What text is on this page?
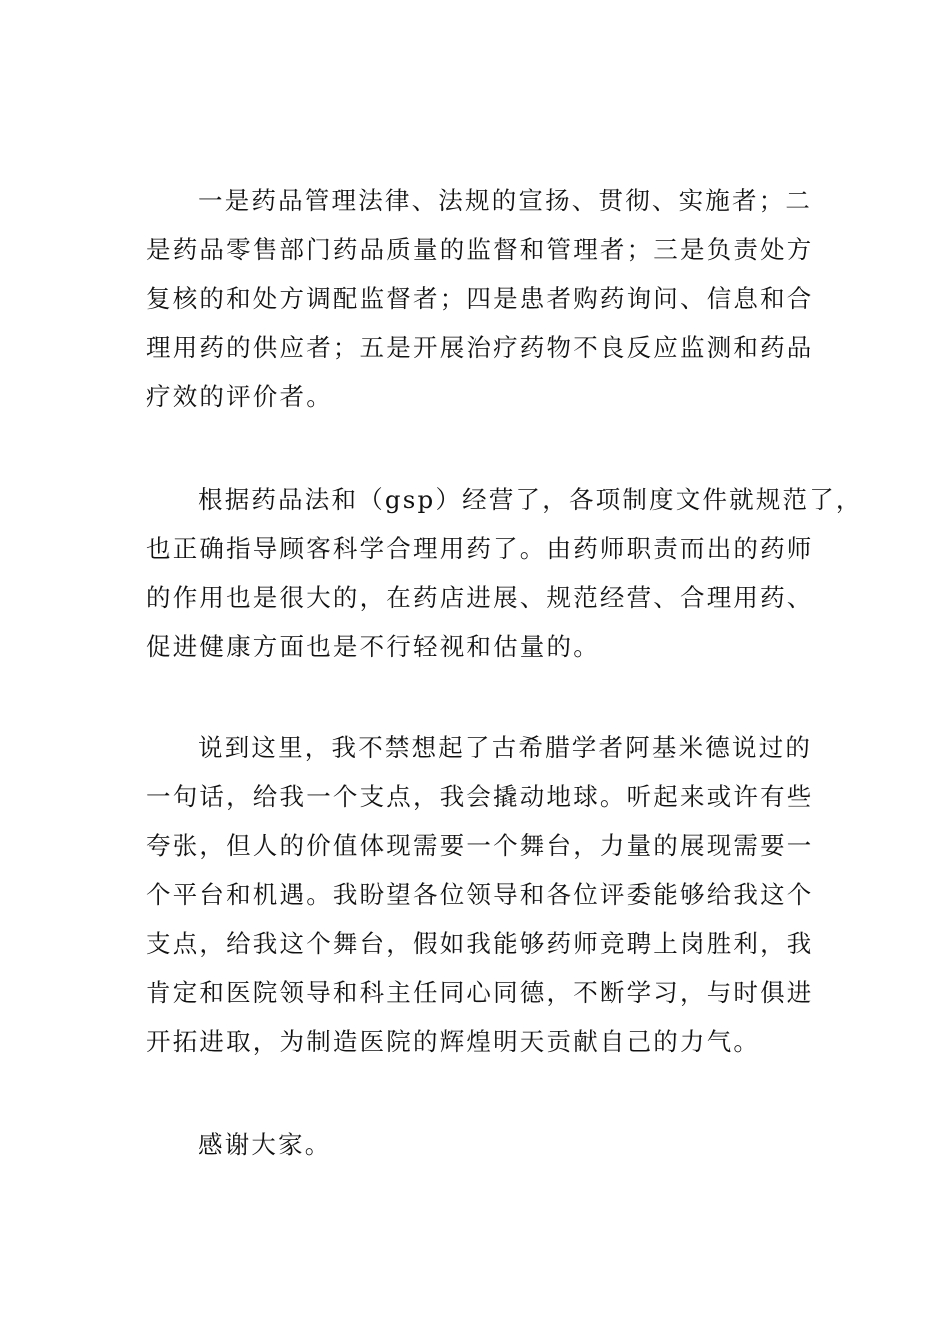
一是药品管理法律、法规的宣扬、贯彻、实施者；二
是药品零售部门药品质量的监督和管理者；三是负责处方
复核的和处方调配监督者；四是患者购药询问、信息和合
理用药的供应者；五是开展治疗药物不良反应监测和药品
疗效的评价者。
根据药品法和（gsp）经营了，各项制度文件就规范了，
也正确指导顾客科学合理用药了。由药师职责而出的药师
的作用也是很大的，在药店进展、规范经营、合理用药、
促进健康方面也是不行轻视和估量的。
说到这里，我不禁想起了古希腊学者阿基米德说过的
一句话，给我一个支点，我会撬动地球。听起来或许有些
夸张，但人的价值体现需要一个舞台，力量的展现需要一
个平台和机遇。我盼望各位领导和各位评委能够给我这个
支点，给我这个舞台，假如我能够药师竞聘上岗胜利，我
肯定和医院领导和科主任同心同德，不断学习，与时俱进
开拓进取，为制造医院的辉煌明天贡献自己的力气。
感谢大家。
